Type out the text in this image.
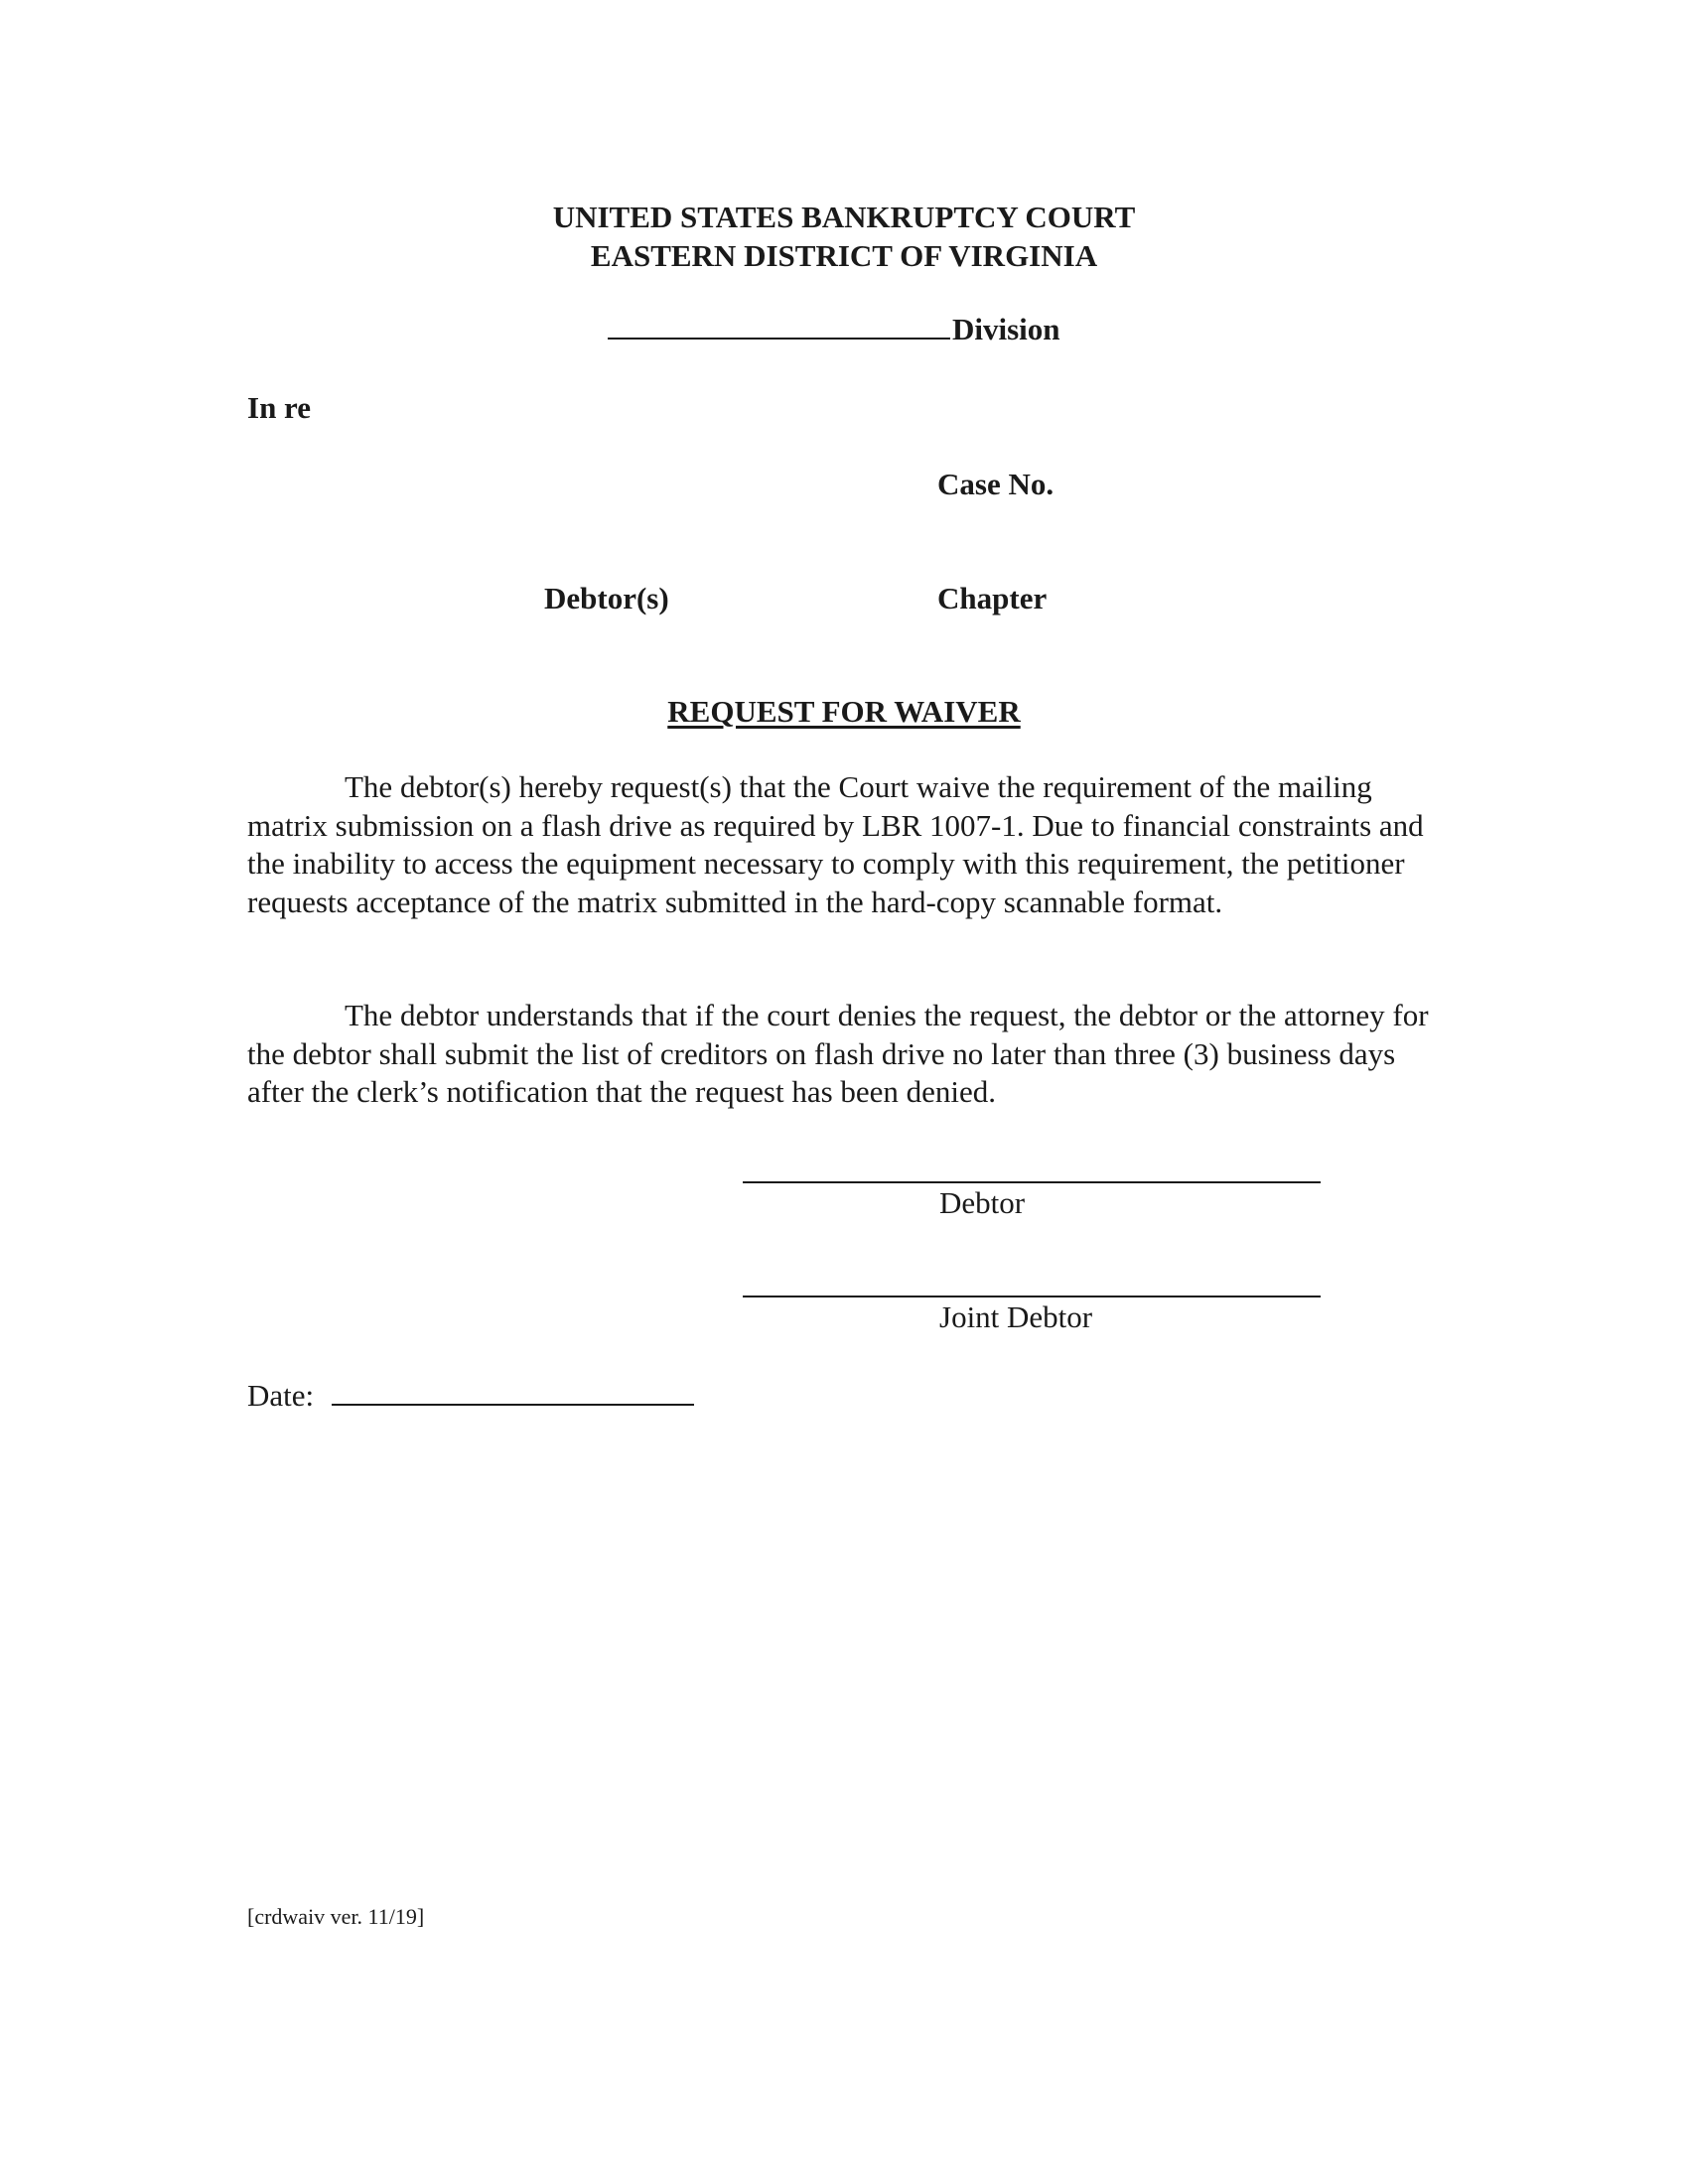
UNITED STATES BANKRUPTCY COURT
EASTERN DISTRICT OF VIRGINIA
Division
In re
Case No.
Debtor(s)	Chapter
REQUEST FOR WAIVER
The debtor(s) hereby request(s) that the Court waive the requirement of the mailing matrix submission on a flash drive as required by LBR 1007-1. Due to financial constraints and the inability to access the equipment necessary to comply with this requirement, the petitioner requests acceptance of the matrix submitted in the hard-copy scannable format.
The debtor understands that if the court denies the request, the debtor or the attorney for the debtor shall submit the list of creditors on flash drive no later than three (3) business days after the clerk’s notification that the request has been denied.
Debtor
Joint Debtor
Date:
[crdwaiv ver. 11/19]
